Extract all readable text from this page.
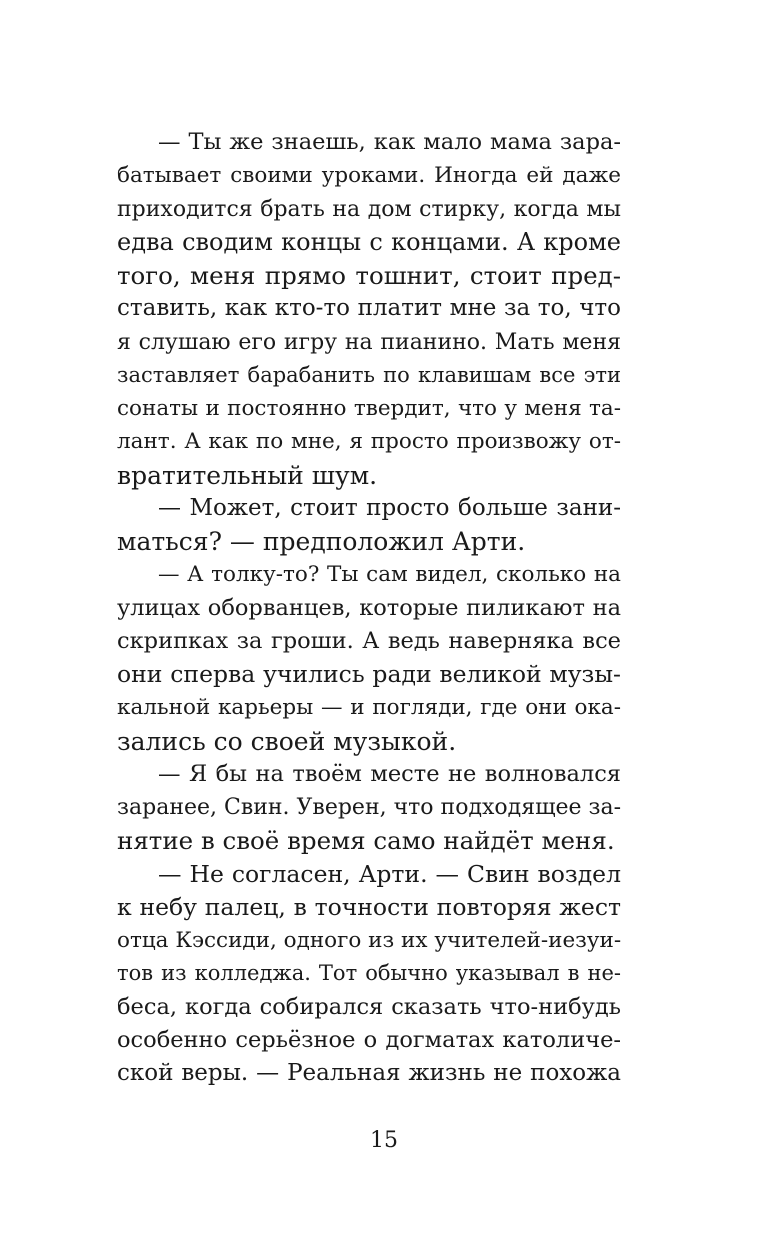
— Ты же знаешь, как мало мама зара-
батывает своими уроками. Иногда ей даже
приходится брать на дом стирку, когда мы
едва сводим концы с концами. А кроме
того, меня прямо тошнит, стоит пред-
ставить, как кто-то платит мне за то, что
я слушаю его игру на пианино. Мать меня
заставляет барабанить по клавишам все эти
сонаты и постоянно твердит, что у меня та-
лант. А как по мне, я просто произвожу от-
вратительный шум.
— Может, стоит просто больше зани-
маться? — предположил Арти.
— А толку-то? Ты сам видел, сколько на
улицах оборванцев, которые пиликают на
скрипках за гроши. А ведь наверняка все
они сперва учились ради великой музы-
кальной карьеры — и погляди, где они ока-
зались со своей музыкой.
— Я бы на твоём месте не волновался
заранее, Свин. Уверен, что подходящее за-
нятие в своё время само найдёт меня.
— Не согласен, Арти. — Свин воздел
к небу палец, в точности повторяя жест
отца Кэссиди, одного из их учителей-иезуи-
тов из колледжа. Тот обычно указывал в не-
беса, когда собирался сказать что-нибудь
особенно серьёзное о догматах католиче-
ской веры. — Реальная жизнь не похожа
15
